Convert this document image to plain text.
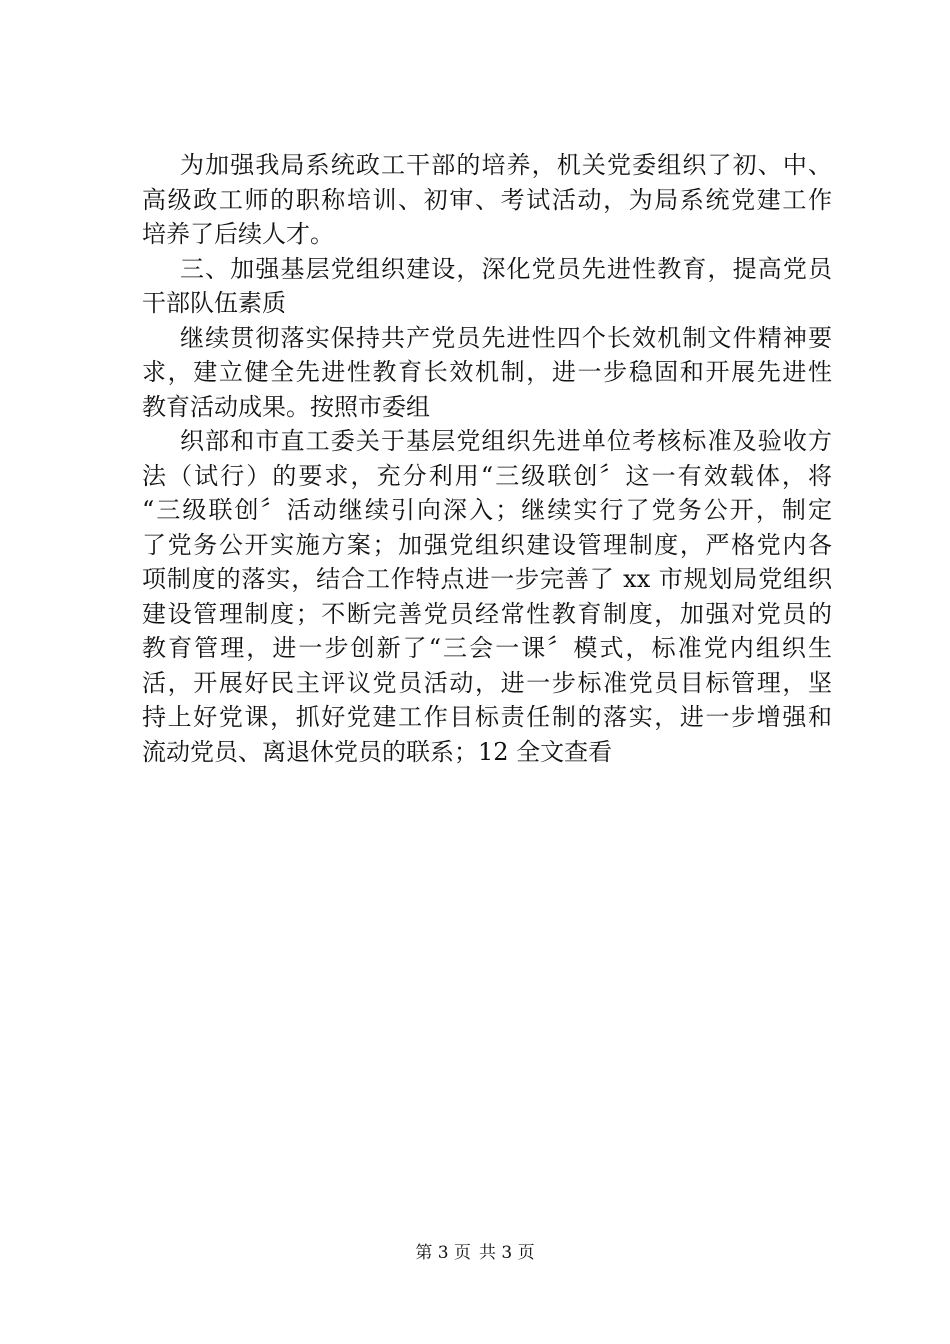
为加强我局系统政工干部的培养，机关党委组织了初、中、
高级政工师的职称培训、初审、考试活动，为局系统党建工作
培养了后续人才。
三、加强基层党组织建设，深化党员先进性教育，提高党员
干部队伍素质
继续贯彻落实保持共产党员先进性四个长效机制文件精神要
求，建立健全先进性教育长效机制，进一步稳固和开展先进性
教育活动成果。按照市委组
织部和市直工委关于基层党组织先进单位考核标准及验收方
法（试行）的要求，充分利用“三级联创〞这一有效载体，将
“三级联创〞活动继续引向深入；继续实行了党务公开，制定
了党务公开实施方案；加强党组织建设管理制度，严格党内各
项制度的落实，结合工作特点进一步完善了 xx 市规划局党组织
建设管理制度；不断完善党员经常性教育制度，加强对党员的
教育管理，进一步创新了“三会一课〞模式，标准党内组织生
活，开展好民主评议党员活动，进一步标准党员目标管理，坚
持上好党课，抓好党建工作目标责任制的落实，进一步增强和
流动党员、离退休党员的联系；12 全文查看
第 3 页 共 3 页
